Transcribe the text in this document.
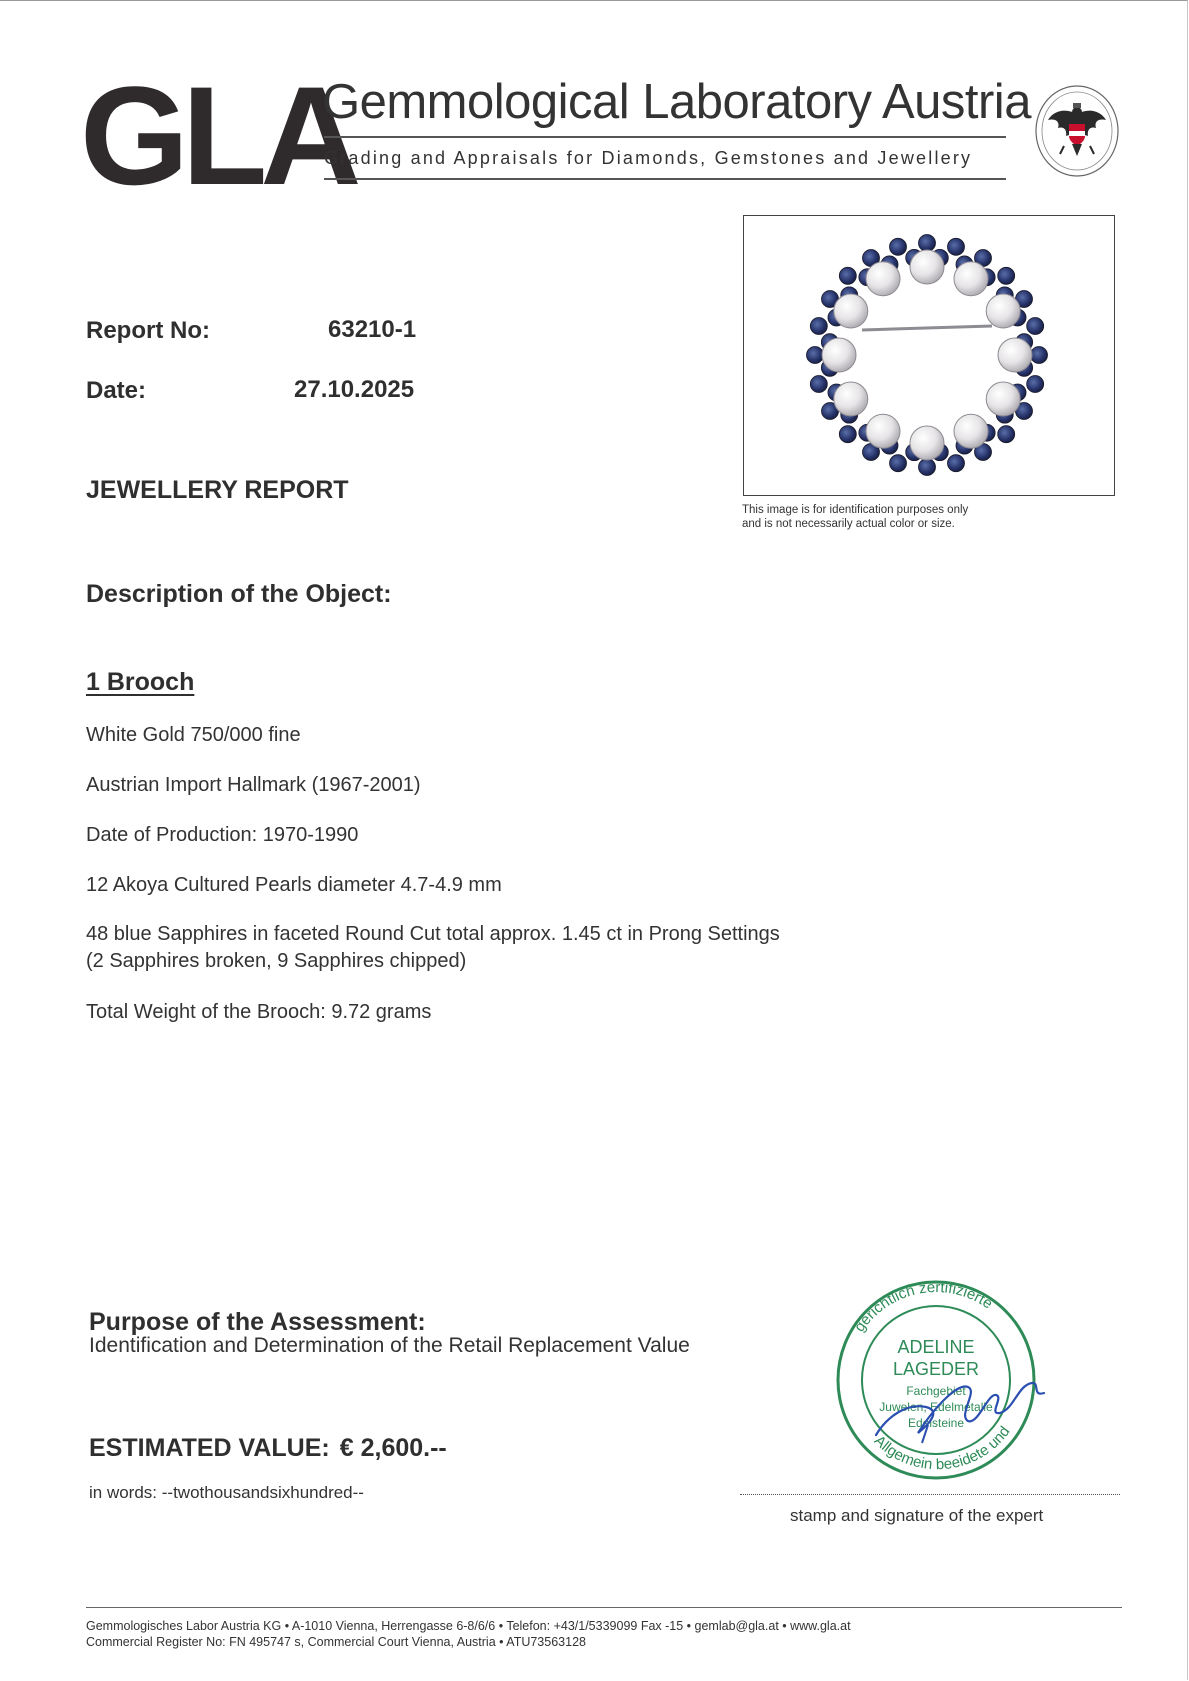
GLA
Gemmological Laboratory Austria
Grading and Appraisals for Diamonds, Gemstones and Jewellery
Report No:	63210-1
Date:	27.10.2025
JEWELLERY REPORT
This image is for identification purposes only
and is not necessarily actual color or size.
Description of the Object:
1 Brooch
White Gold 750/000 fine
Austrian Import Hallmark (1967-2001)
Date of Production: 1970-1990
12 Akoya Cultured Pearls diameter 4.7-4.9 mm
48 blue Sapphires in faceted Round Cut total approx. 1.45 ct in Prong Settings
(2 Sapphires broken, 9 Sapphires chipped)
Total Weight of the Brooch: 9.72 grams
Purpose of the Assessment:
Identification and Determination of the Retail Replacement Value
ESTIMATED VALUE: € 2,600.--
in words: --twothousandsixhundred--
gerichtlich zertifizierte
Allgemein beeidete und
ADELINE
LAGEDER
Fachgebiet
Juwelen, Edelmetalle
Edelsteine
stamp and signature of the expert
Gemmologisches Labor Austria KG • A-1010 Vienna, Herrengasse 6-8/6/6 • Telefon: +43/1/5339099 Fax -15 • gemlab@gla.at • www.gla.at
Commercial Register No: FN 495747 s, Commercial Court Vienna, Austria • ATU73563128
